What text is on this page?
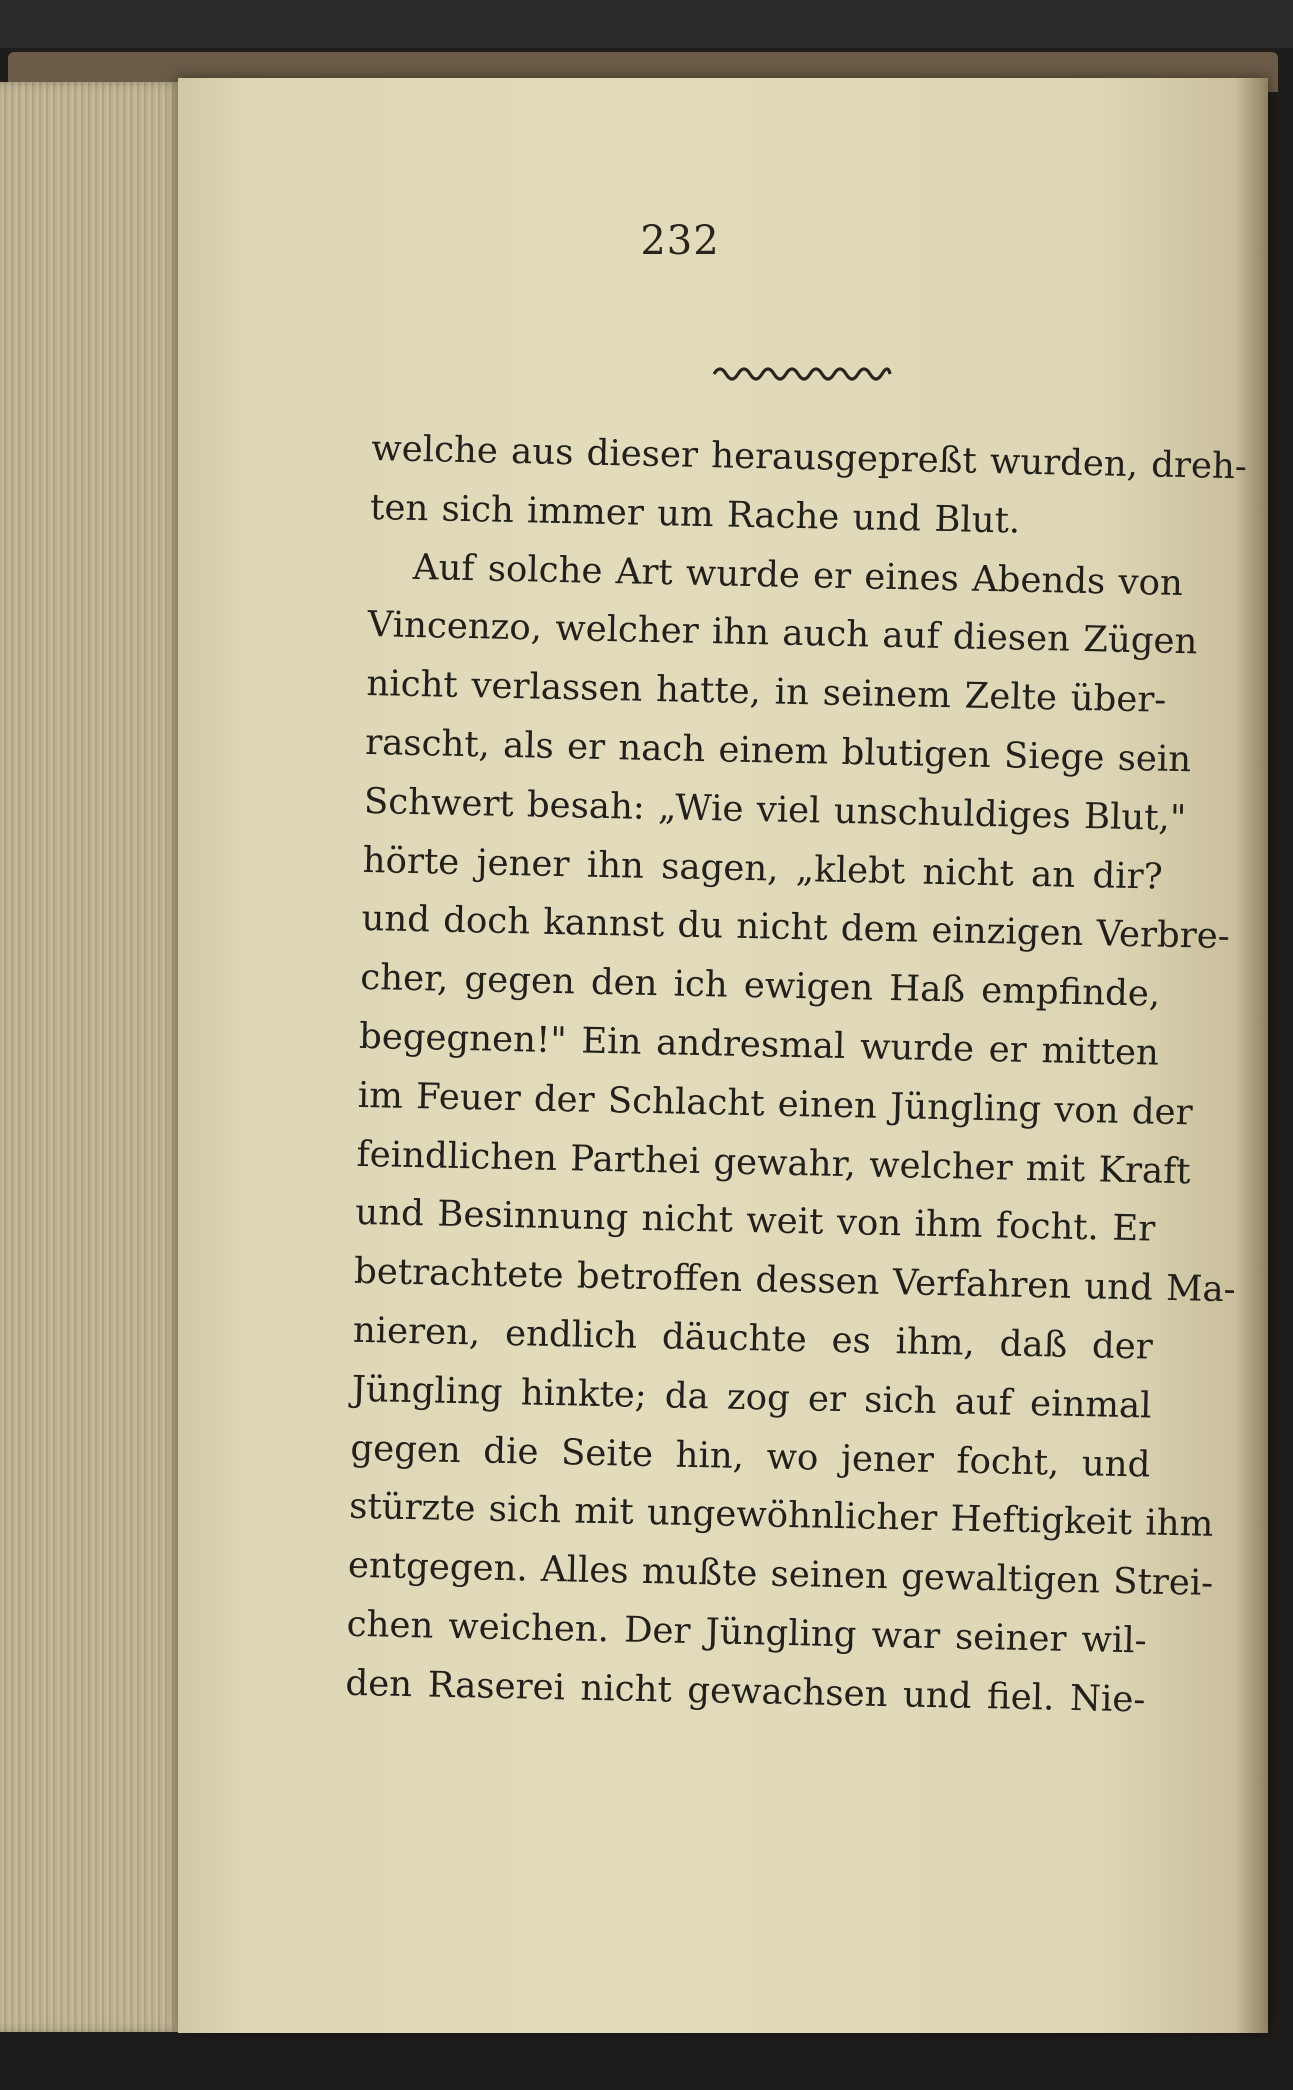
232
welche aus dieser herausgepreßt wurden, dreh-
ten sich immer um Rache und Blut.
Auf solche Art wurde er eines Abends von
Vincenzo, welcher ihn auch auf diesen Zügen
nicht verlassen hatte, in seinem Zelte über-
rascht, als er nach einem blutigen Siege sein
Schwert besah: „Wie viel unschuldiges Blut,"
hörte jener ihn sagen, „klebt nicht an dir?
und doch kannst du nicht dem einzigen Verbre-
cher, gegen den ich ewigen Haß empfinde,
begegnen!" Ein andresmal wurde er mitten
im Feuer der Schlacht einen Jüngling von der
feindlichen Parthei gewahr, welcher mit Kraft
und Besinnung nicht weit von ihm focht. Er
betrachtete betroffen dessen Verfahren und Ma-
nieren, endlich däuchte es ihm, daß der
Jüngling hinkte; da zog er sich auf einmal
gegen die Seite hin, wo jener focht, und
stürzte sich mit ungewöhnlicher Heftigkeit ihm
entgegen. Alles mußte seinen gewaltigen Strei-
chen weichen. Der Jüngling war seiner wil-
den Raserei nicht gewachsen und fiel. Nie-
